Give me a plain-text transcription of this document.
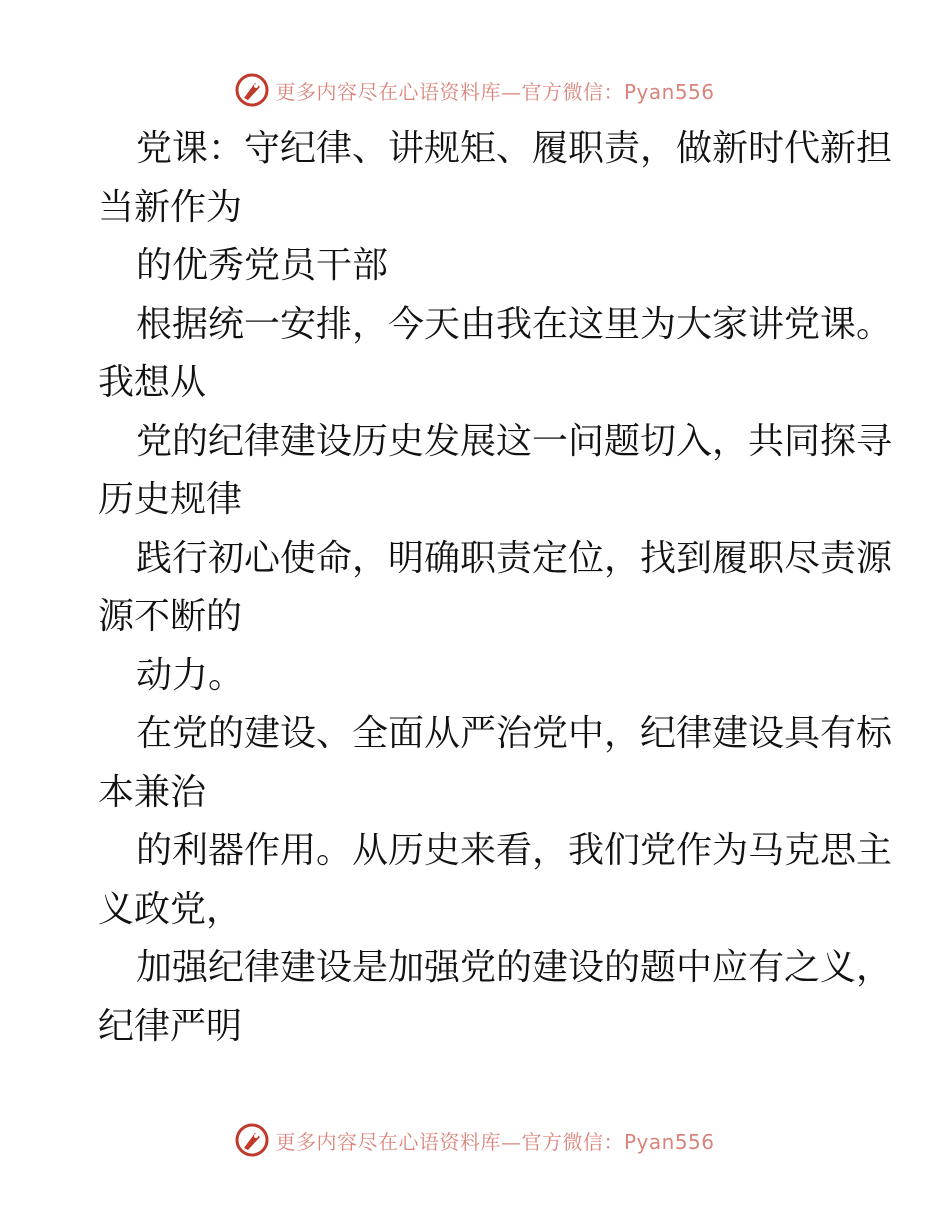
更多内容尽在心语资料库—官方微信：Pyan556
党课：守纪律、讲规矩、履职责，做新时代新担
当新作为
的优秀党员干部
根据统一安排，今天由我在这里为大家讲党课。
我想从
党的纪律建设历史发展这一问题切入，共同探寻
历史规律
践行初心使命，明确职责定位，找到履职尽责源
源不断的
动力。
在党的建设、全面从严治党中，纪律建设具有标
本兼治
的利器作用。从历史来看，我们党作为马克思主
义政党，
加强纪律建设是加强党的建设的题中应有之义，
纪律严明
更多内容尽在心语资料库—官方微信：Pyan556
